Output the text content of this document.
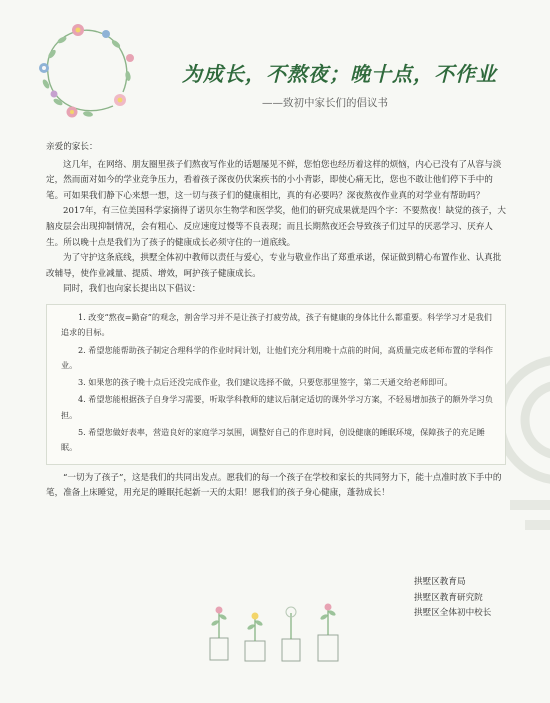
为成长，不熬夜；晚十点，不作业
——致初中家长们的倡议书

亲爱的家长：

这几年，在网络、朋友圈里孩子们熬夜写作业的话题屡见不鲜，您怕您也经历着这样的烦恼，内心已没有了从容与淡定，然而面对如今的学业竞争压力，看着孩子深夜仍伏案疾书的小小背影，即使心痛无比，您也不敢让他们停下手中的笔。可如果我们静下心来想一想，这一切与孩子们的健康相比，真的有必要吗？深夜熬夜作业真的对学业有帮助吗？

2017年，有三位美国科学家摘得了诺贝尔生物学和医学奖，他们的研究成果就是四个字：不要熬夜！缺觉的孩子，大脑皮层会出现抑制情况，会有粗心、反应速度过慢等不良表现；而且长期熬夜还会导致孩子们过早的厌恶学习、厌弃人生。所以晚十点是我们为了孩子的健康成长必须守住的一道底线。

为了守护这条底线，拱墅全体初中教师以责任与爱心，专业与敬业作出了郑重承诺，保证做到精心布置作业、认真批改辅导，使作业减量、提质、增效，呵护孩子健康成长。

同时，我们也向家长提出以下倡议：

1. 改变“熬夜=勤奋”的观念，割舍学习并不是让孩子打疲劳战，孩子有健康的身体比什么都重要。科学学习才是我们追求的目标。

2. 希望您能帮助孩子制定合理科学的作业时间计划，让他们充分利用晚十点前的时间，高质量完成老师布置的学科作业。

3. 如果您的孩子晚十点后还没完成作业，我们建议选择不做，只要您那里签字，第二天通交给老师即可。

4. 希望您能根据孩子自身学习需要，听取学科教师的建议后制定适切的课外学习方案，不轻易增加孩子的额外学习负担。

5. 希望您做好表率，营造良好的家庭学习氛围，调整好自己的作息时间，创设健康的睡眠环境，保障孩子的充足睡眠。

“一切为了孩子”，这是我们的共同出发点。愿我们的每一个孩子在学校和家长的共同努力下，能十点准时放下手中的笔，准备上床睡觉，用充足的睡眠托起新一天的太阳！愿我们的孩子身心健康，蓬勃成长！

拱墅区教育局
拱墅区教育研究院
拱墅区全体初中校长
